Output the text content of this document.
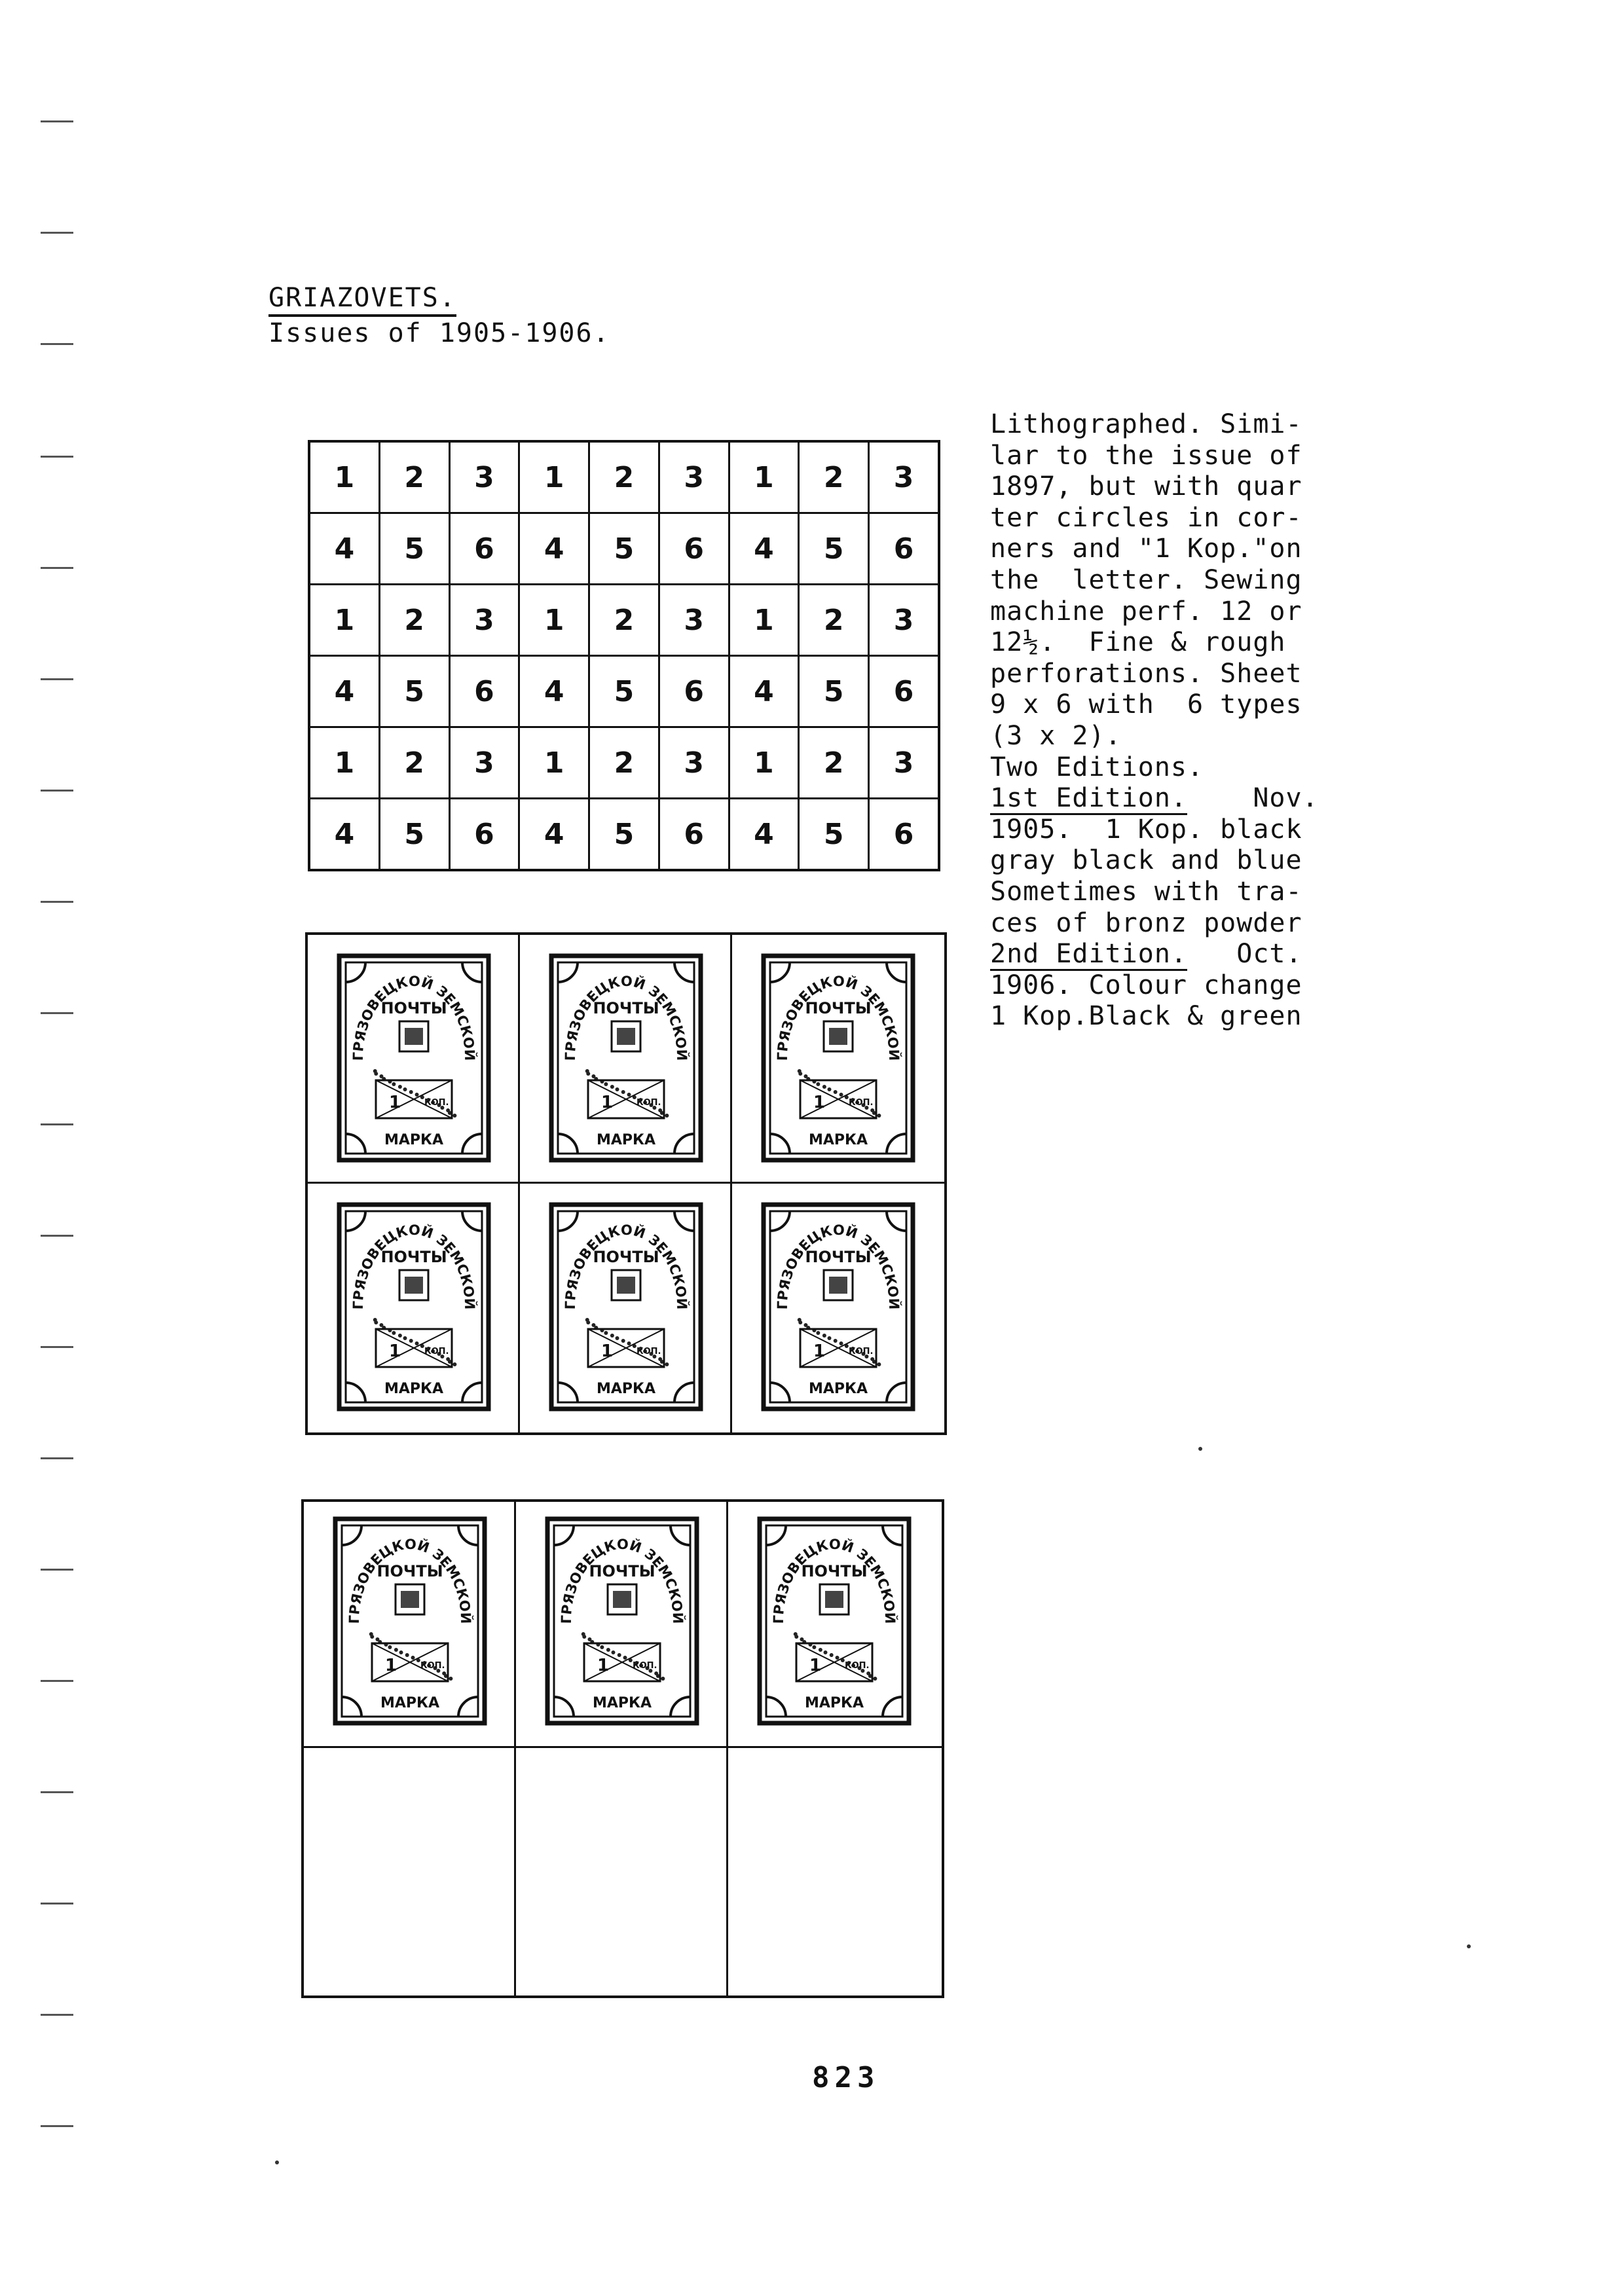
GRIAZOVETS.
Issues of 1905-1906.
1	2	3	1	2	3	1	2	3
4	5	6	4	5	6	4	5	6
1	2	3	1	2	3	1	2	3
4	5	6	4	5	6	4	5	6
1	2	3	1	2	3	1	2	3
4	5	6	4	5	6	4	5	6
Lithographed. Simi-
lar to the issue of
1897, but with quar
ter circles in cor-
ners and "1 Kop."on
the  letter. Sewing
machine perf. 12 or
12½.  Fine & rough
perforations. Sheet
9 x 6 with  6 types
(3 x 2).
Two Editions.
1st Edition.    Nov.
1905.  1 Kop. black
gray black and blue
Sometimes with tra-
ces of bronz powder
2nd Edition.   Oct.
1906. Colour change
1 Kop.Black & green
ГРЯЗОВЕЦКОЙ ЗЕМСКОЙ
ПОЧТЫ
1	КОП.
МАРКА
ГРЯЗОВЕЦКОЙ ЗЕМСКОЙ
ПОЧТЫ
1	КОП.
МАРКА
ГРЯЗОВЕЦКОЙ ЗЕМСКОЙ
ПОЧТЫ
1	КОП.
МАРКА
ГРЯЗОВЕЦКОЙ ЗЕМСКОЙ
ПОЧТЫ
1	КОП.
МАРКА
ГРЯЗОВЕЦКОЙ ЗЕМСКОЙ
ПОЧТЫ
1	КОП.
МАРКА
ГРЯЗОВЕЦКОЙ ЗЕМСКОЙ
ПОЧТЫ
1	КОП.
МАРКА
ГРЯЗОВЕЦКОЙ ЗЕМСКОЙ
ПОЧТЫ
1	КОП.
МАРКА
ГРЯЗОВЕЦКОЙ ЗЕМСКОЙ
ПОЧТЫ
1	КОП.
МАРКА
ГРЯЗОВЕЦКОЙ ЗЕМСКОЙ
ПОЧТЫ
1	КОП.
МАРКА
823
